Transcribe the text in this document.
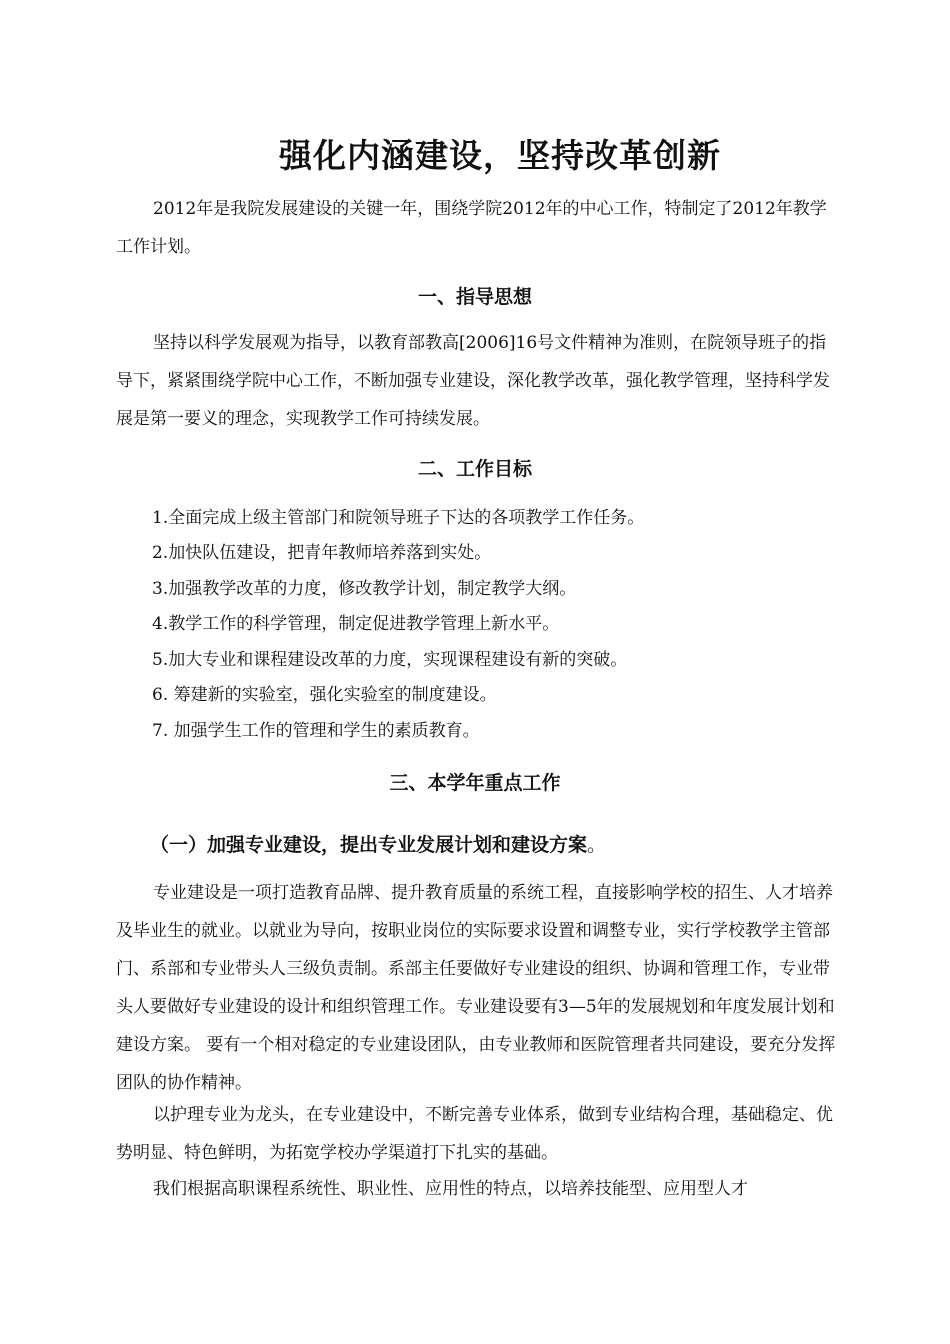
强化内涵建设，坚持改革创新

2012年是我院发展建设的关键一年，围绕学院2012年的中心工作，特制定了2012年教学工作计划。

一、指导思想

坚持以科学发展观为指导，以教育部教高[2006]16号文件精神为准则，在院领导班子的指导下，紧紧围绕学院中心工作，不断加强专业建设，深化教学改革，强化教学管理，坚持科学发展是第一要义的理念，实现教学工作可持续发展。

二、工作目标
1.全面完成上级主管部门和院领导班子下达的各项教学工作任务。
2.加快队伍建设，把青年教师培养落到实处。
3.加强教学改革的力度，修改教学计划，制定教学大纲。
4.教学工作的科学管理，制定促进教学管理上新水平。
5.加大专业和课程建设改革的力度，实现课程建设有新的突破。
6. 筹建新的实验室，强化实验室的制度建设。
7. 加强学生工作的管理和学生的素质教育。
三、本学年重点工作
（一）加强专业建设，提出专业发展计划和建设方案。

专业建设是一项打造教育品牌、提升教育质量的系统工程，直接影响学校的招生、人才培养及毕业生的就业。以就业为导向，按职业岗位的实际要求设置和调整专业，实行学校教学主管部门、系部和专业带头人三级负责制。系部主任要做好专业建设的组织、协调和管理工作，专业带头人要做好专业建设的设计和组织管理工作。专业建设要有3—5年的发展规划和年度发展计划和建设方案。 要有一个相对稳定的专业建设团队，由专业教师和医院管理者共同建设，要充分发挥团队的协作精神。

以护理专业为龙头，在专业建设中，不断完善专业体系，做到专业结构合理，基础稳定、优势明显、特色鲜明，为拓宽学校办学渠道打下扎实的基础。

我们根据高职课程系统性、职业性、应用性的特点，以培养技能型、应用型人才
